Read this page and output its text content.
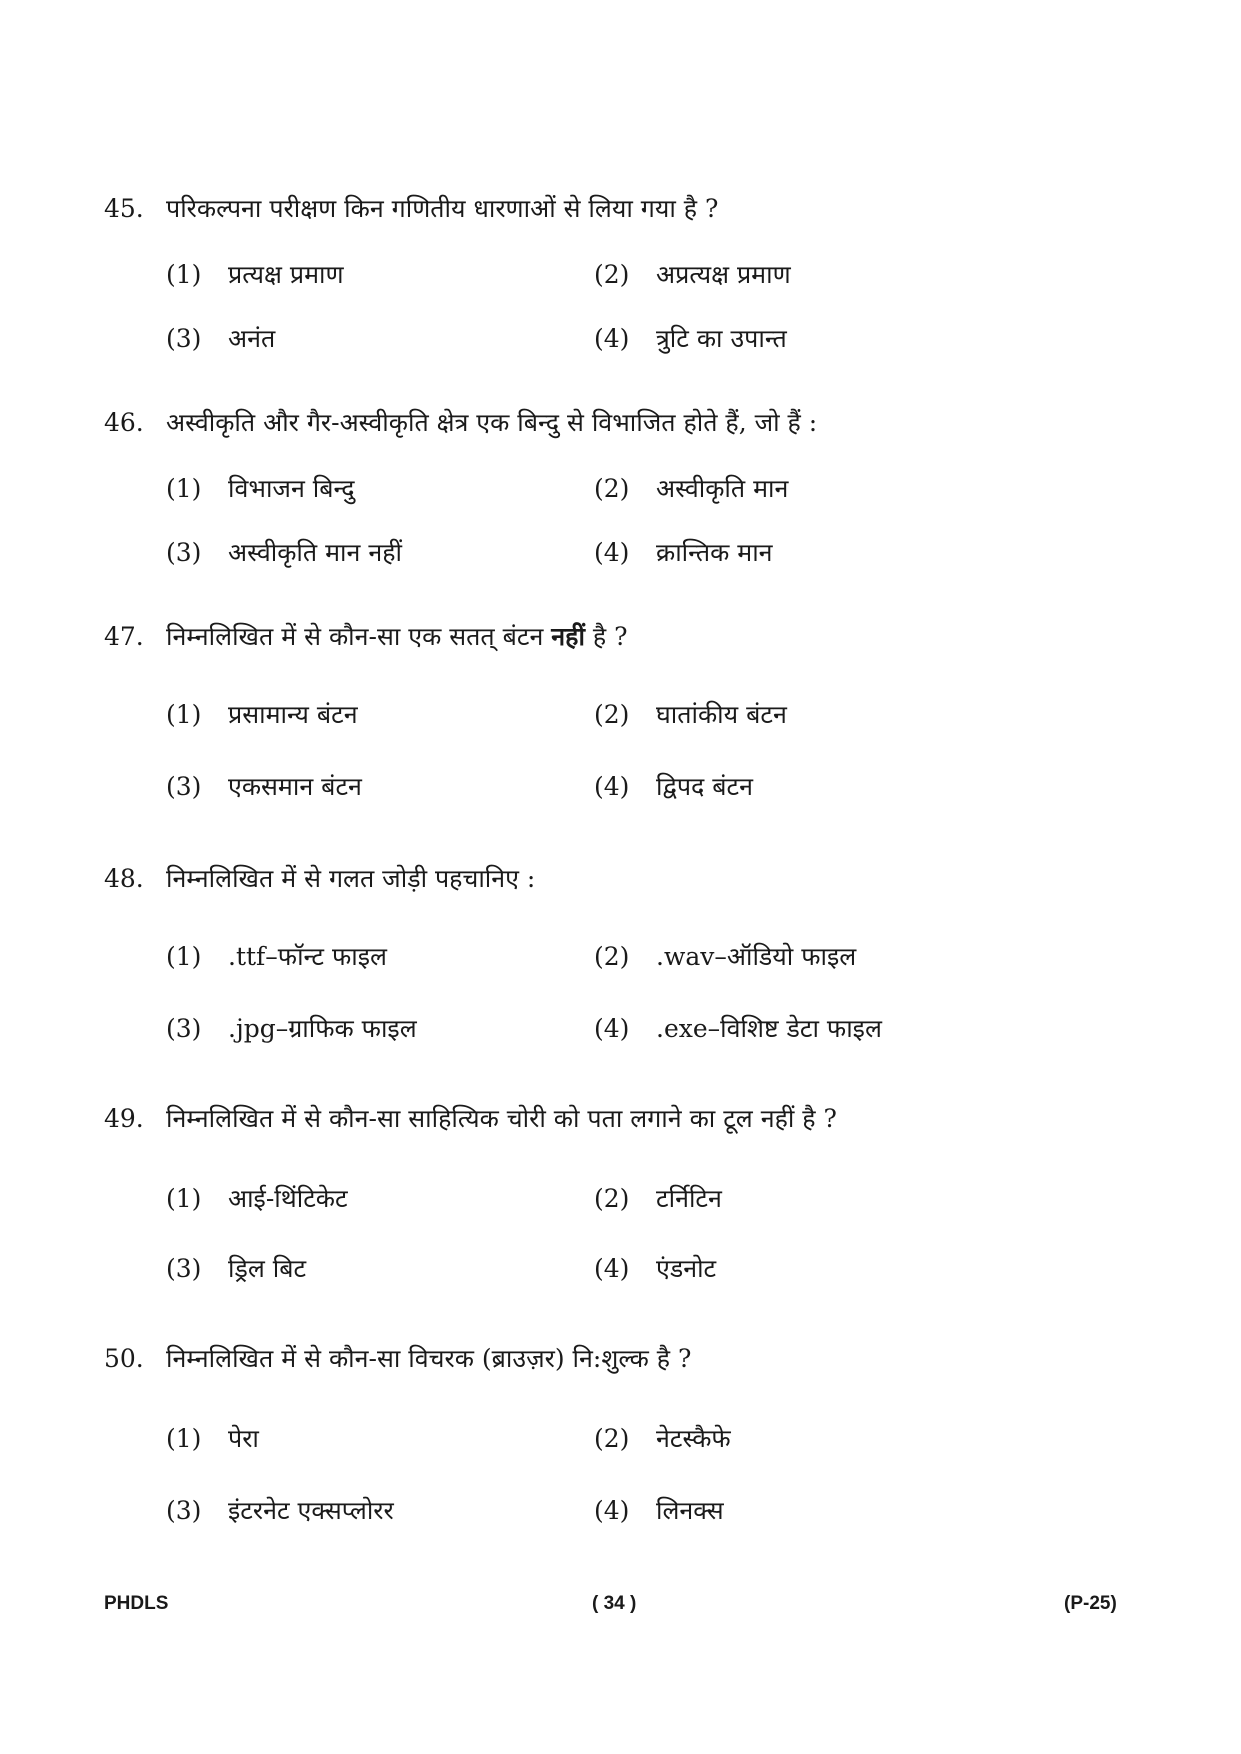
45. परिकल्पना परीक्षण किन गणितीय धारणाओं से लिया गया है ?
(1) प्रत्यक्ष प्रमाण	(2) अप्रत्यक्ष प्रमाण
(3) अनंत	(4) त्रुटि का उपान्त
46. अस्वीकृति और गैर-अस्वीकृति क्षेत्र एक बिन्दु से विभाजित होते हैं, जो हैं :
(1) विभाजन बिन्दु	(2) अस्वीकृति मान
(3) अस्वीकृति मान नहीं	(4) क्रान्तिक मान
47. निम्नलिखित में से कौन-सा एक सतत् बंटन नहीं है ?
(1) प्रसामान्य बंटन	(2) घातांकीय बंटन
(3) एकसमान बंटन	(4) द्विपद बंटन
48. निम्नलिखित में से गलत जोड़ी पहचानिए :
(1) .ttf–फॉन्ट फाइल	(2) .wav–ऑडियो फाइल
(3) .jpg–ग्राफिक फाइल	(4) .exe–विशिष्ट डेटा फाइल
49. निम्नलिखित में से कौन-सा साहित्यिक चोरी को पता लगाने का टूल नहीं है ?
(1) आई-थिंटिकेट	(2) टर्निटिन
(3) ड्रिल बिट	(4) एंडनोट
50. निम्नलिखित में से कौन-सा विचरक (ब्राउज़र) नि:शुल्क है ?
(1) पेरा	(2) नेटस्कैफे
(3) इंटरनेट एक्सप्लोरर	(4) लिनक्स
PHDLS	( 34 )	(P-25)
